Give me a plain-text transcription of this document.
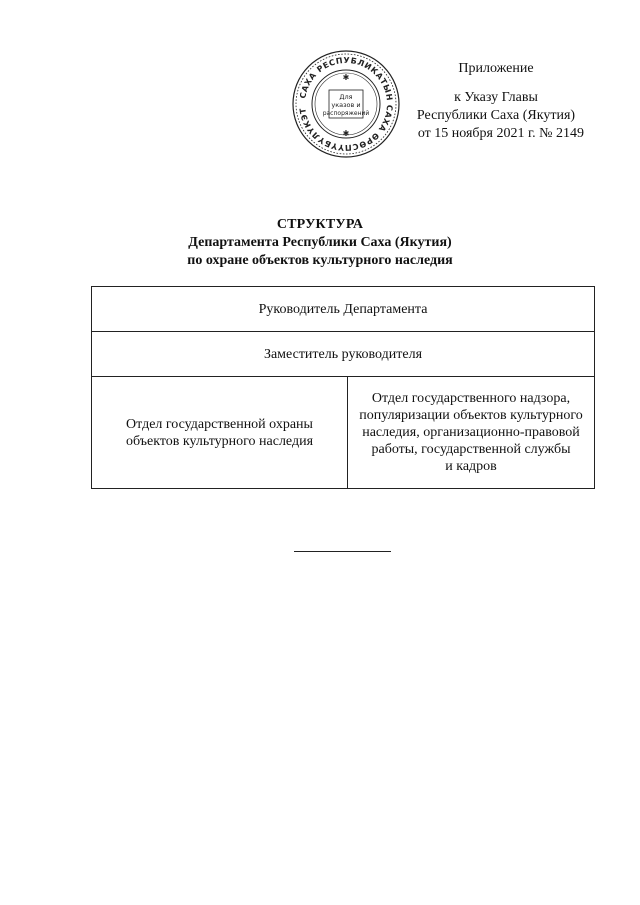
САХА РЕСПУБЛИКАТЫН САХА ӨРӨСПҮҮБҮЛҮКЭТ
✱
✱
Для
указов и
распоряжений
Приложение
к Указу Главы
Республики Саха (Якутия)
от 15 ноября 2021 г. № 2149
СТРУКТУРА
Департамента Республики Саха (Якутия)
по охране объектов культурного наследия
Руководитель Департамента
Заместитель руководителя
Отдел государственной охраны
объектов культурного наследия	Отдел государственного надзора,
популяризации объектов культурного
наследия, организационно-правовой
работы, государственной службы
и кадров
